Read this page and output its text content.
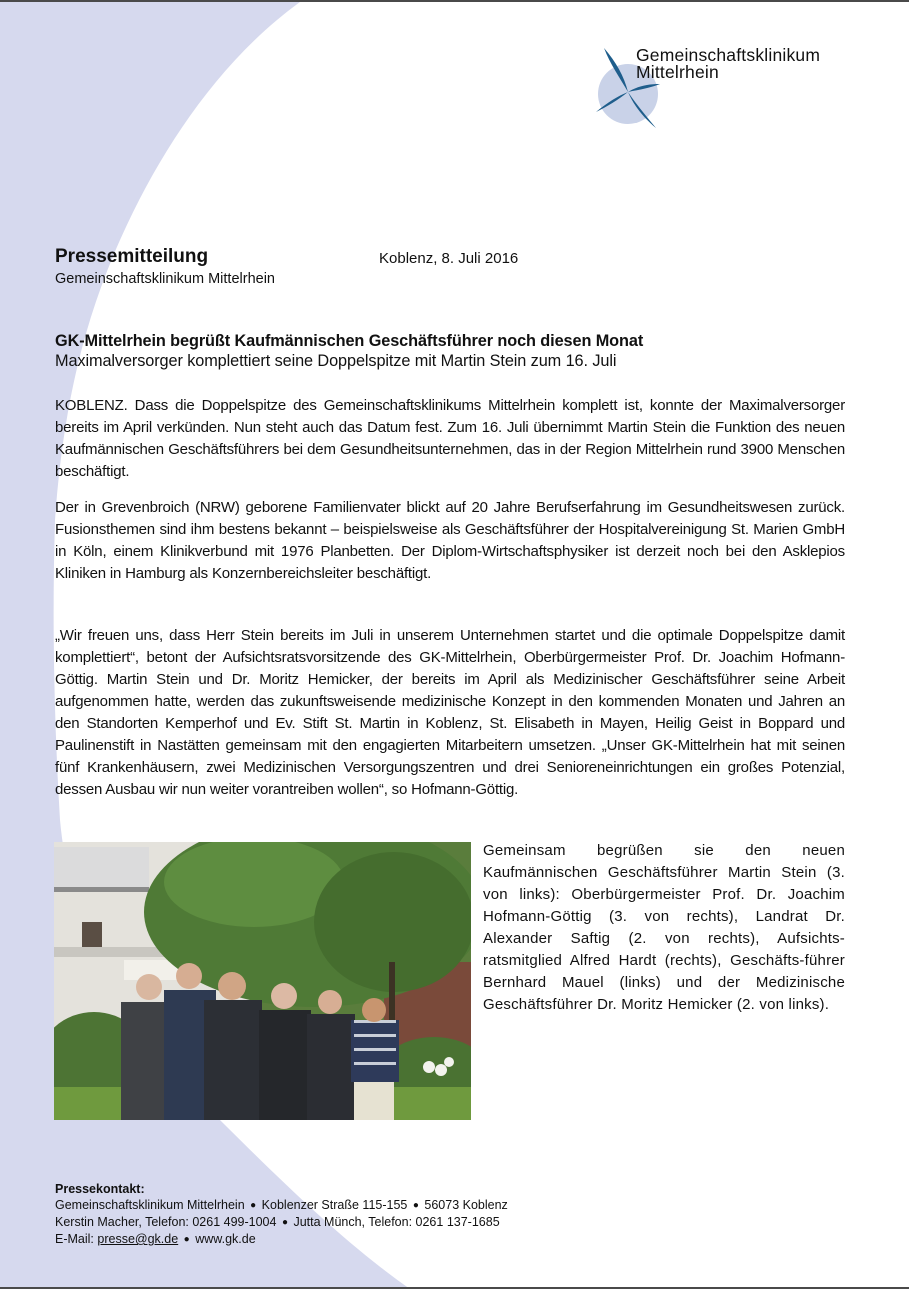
Gemeinschaftsklinikum
Mittelrhein
Pressemitteilung
Gemeinschaftsklinikum Mittelrhein
Koblenz, 8. Juli 2016
GK-Mittelrhein begrüßt Kaufmännischen Geschäftsführer noch diesen Monat
Maximalversorger komplettiert seine Doppelspitze mit Martin Stein zum 16. Juli

KOBLENZ. Dass die Doppelspitze des Gemeinschaftsklinikums Mittelrhein komplett ist, konnte der Maximalversorger bereits im April verkünden. Nun steht auch das Datum fest. Zum 16. Juli übernimmt Martin Stein die Funktion des neuen Kaufmännischen Geschäftsführers bei dem Gesundheitsunternehmen, das in der Region Mittelrhein rund 3900 Menschen beschäftigt.

Der in Grevenbroich (NRW) geborene Familienvater blickt auf 20 Jahre Berufserfahrung im Gesundheitswesen zurück. Fusionsthemen sind ihm bestens bekannt – beispielsweise als Geschäftsführer der Hospitalvereinigung St. Marien GmbH in Köln, einem Klinikverbund mit 1976 Planbetten. Der Diplom-Wirtschaftsphysiker ist derzeit noch bei den Asklepios Kliniken in Hamburg als Konzernbereichsleiter beschäftigt.

„Wir freuen uns, dass Herr Stein bereits im Juli in unserem Unternehmen startet und die optimale Doppelspitze damit komplettiert“, betont der Aufsichtsratsvorsitzende des GK-Mittelrhein, Oberbürgermeister Prof. Dr. Joachim Hofmann-Göttig. Martin Stein und Dr. Moritz Hemicker, der bereits im April als Medizinischer Geschäftsführer seine Arbeit aufgenommen hatte, werden das zukunftsweisende medizinische Konzept in den kommenden Monaten und Jahren an den Standorten Kemperhof und Ev. Stift St. Martin in Koblenz, St. Elisabeth in Mayen, Heilig Geist in Boppard und Paulinenstift in Nastätten gemeinsam mit den engagierten Mitarbeitern umsetzen. „Unser GK-Mittelrhein hat mit seinen fünf Krankenhäusern, zwei Medizinischen Versorgungszentren und drei Senioreneinrichtungen ein großes Potenzial, dessen Ausbau wir nun weiter vorantreiben wollen“, so Hofmann-Göttig.

Gemeinsam begrüßen sie den neuen Kaufmännischen Geschäftsführer Martin Stein (3. von links): Oberbürgermeister Prof. Dr. Joachim Hofmann-Göttig (3. von rechts), Landrat Dr. Alexander Saftig (2. von rechts), Aufsichts-ratsmitglied Alfred Hardt (rechts), Geschäfts-führer Bernhard Mauel (links) und der Medizinische Geschäftsführer Dr. Moritz Hemicker (2. von links).
Pressekontakt:
Gemeinschaftsklinikum Mittelrhein ● Koblenzer Straße 115-155 ● 56073 Koblenz
Kerstin Macher, Telefon: 0261 499-1004 ● Jutta Münch, Telefon: 0261 137-1685
E-Mail: presse@gk.de ● www.gk.de
